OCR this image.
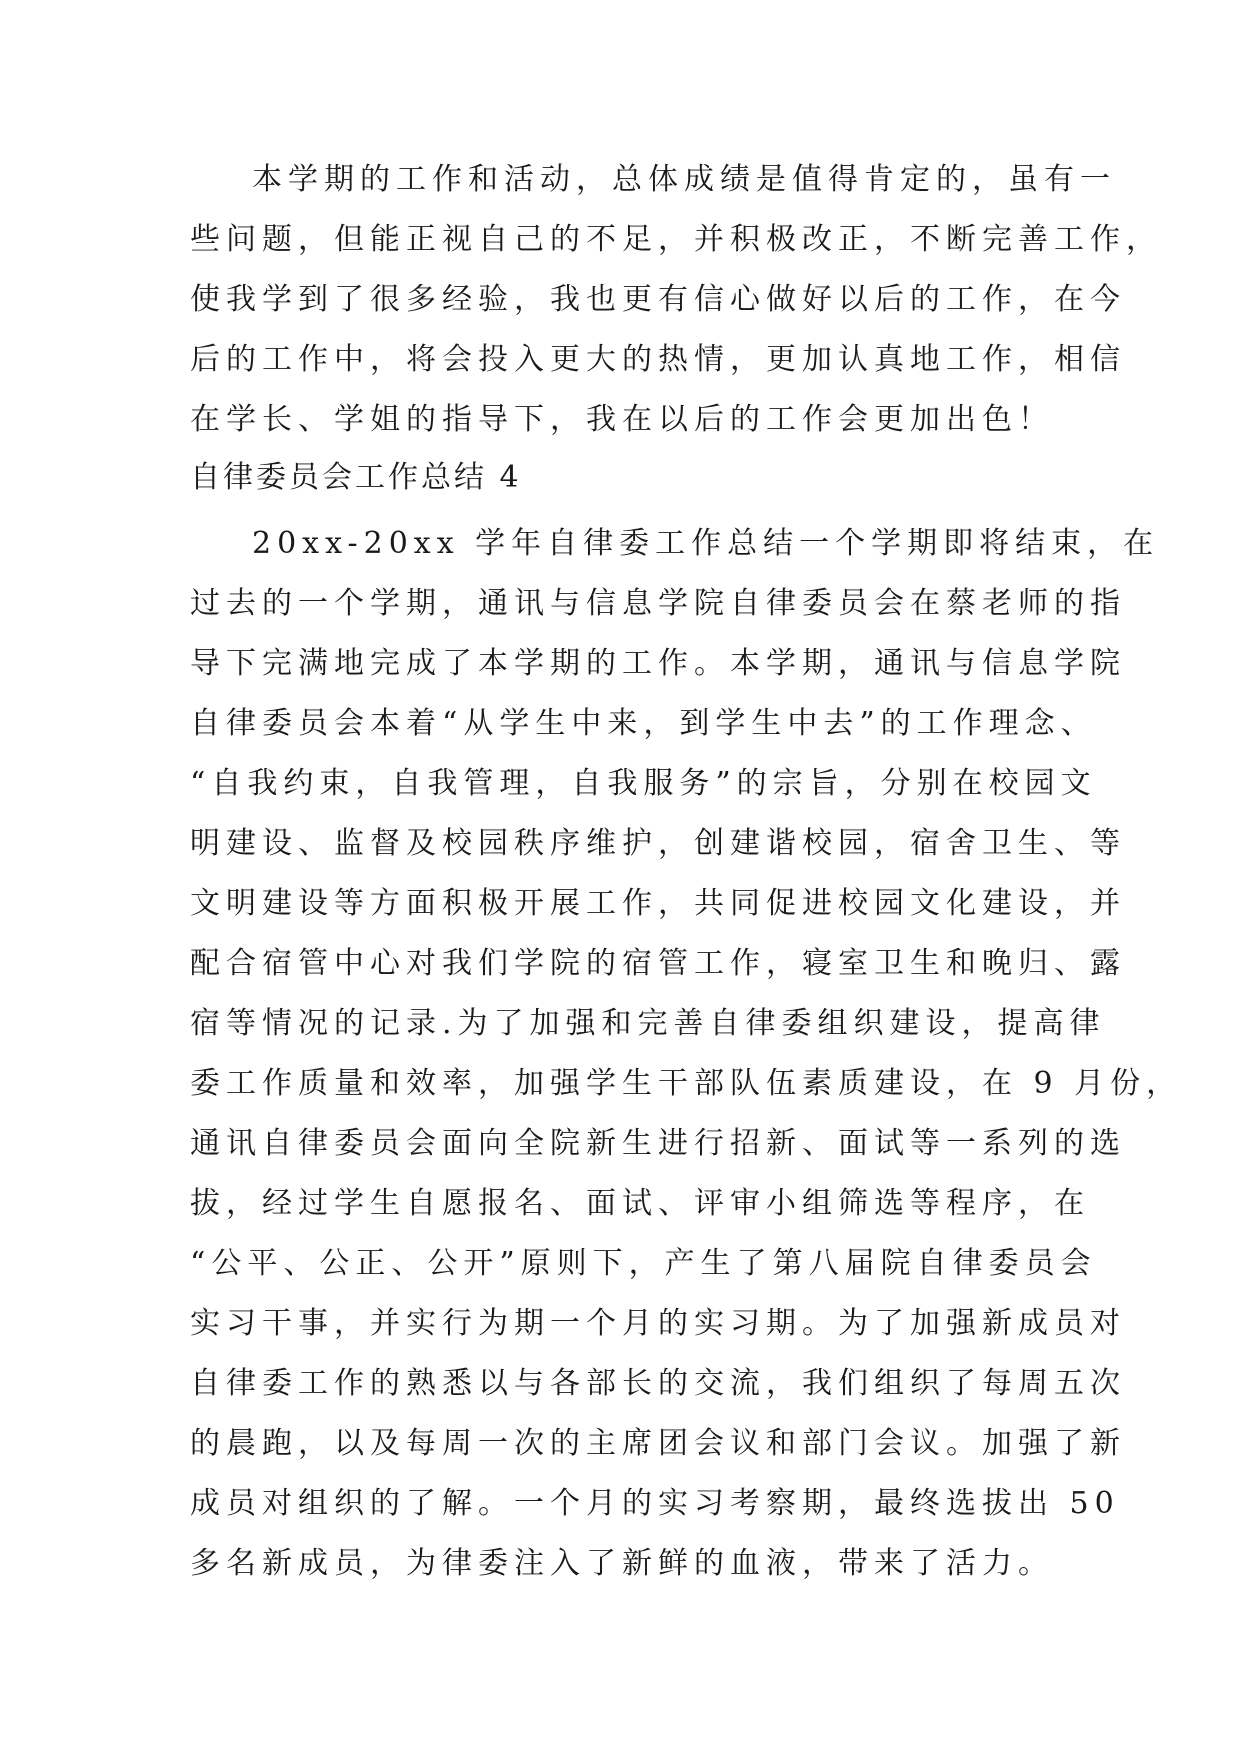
本学期的工作和活动，总体成绩是值得肯定的，虽有一
些问题，但能正视自己的不足，并积极改正，不断完善工作，
使我学到了很多经验，我也更有信心做好以后的工作，在今
后的工作中，将会投入更大的热情，更加认真地工作，相信
在学长、学姐的指导下，我在以后的工作会更加出色！
自律委员会工作总结 4
20xx-20xx 学年自律委工作总结一个学期即将结束，在
过去的一个学期，通讯与信息学院自律委员会在蔡老师的指
导下完满地完成了本学期的工作。本学期，通讯与信息学院
自律委员会本着“从学生中来，到学生中去”的工作理念、
“自我约束，自我管理，自我服务”的宗旨，分别在校园文
明建设、监督及校园秩序维护，创建谐校园，宿舍卫生、等
文明建设等方面积极开展工作，共同促进校园文化建设，并
配合宿管中心对我们学院的宿管工作，寝室卫生和晚归、露
宿等情况的记录.为了加强和完善自律委组织建设，提高律
委工作质量和效率，加强学生干部队伍素质建设，在 9 月份，
通讯自律委员会面向全院新生进行招新、面试等一系列的选
拔，经过学生自愿报名、面试、评审小组筛选等程序，在
“公平、公正、公开”原则下，产生了第八届院自律委员会
实习干事，并实行为期一个月的实习期。为了加强新成员对
自律委工作的熟悉以与各部长的交流，我们组织了每周五次
的晨跑，以及每周一次的主席团会议和部门会议。加强了新
成员对组织的了解。一个月的实习考察期，最终选拔出 50
多名新成员，为律委注入了新鲜的血液，带来了活力。
